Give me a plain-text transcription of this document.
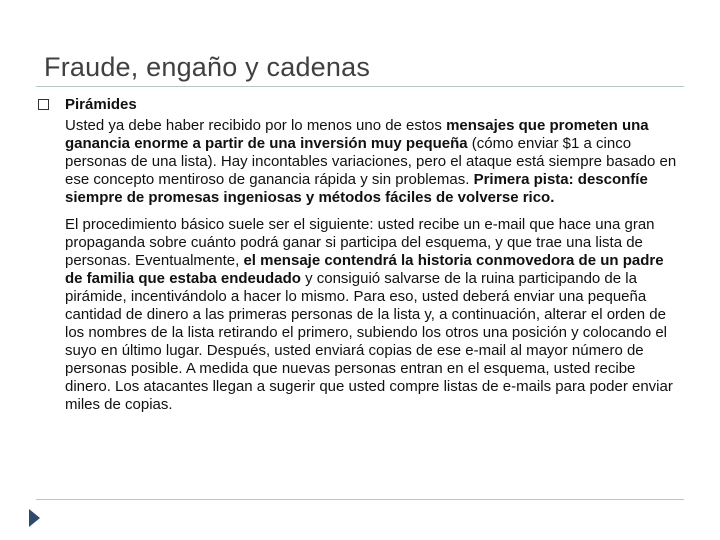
Fraude, engaño y cadenas
Pirámides

Usted ya debe haber recibido por lo menos uno de estos mensajes que prometen una ganancia enorme a partir de una inversión muy pequeña (cómo enviar $1 a cinco personas de una lista). Hay incontables variaciones, pero el ataque está siempre basado en ese concepto mentiroso de ganancia rápida y sin problemas. Primera pista: desconfíe siempre de promesas ingeniosas y métodos fáciles de volverse rico.

El procedimiento básico suele ser el siguiente: usted recibe un e-mail que hace una gran propaganda sobre cuánto podrá ganar si participa del esquema, y que trae una lista de personas. Eventualmente, el mensaje contendrá la historia conmovedora de un padre de familia que estaba endeudado y consiguió salvarse de la ruina participando de la pirámide, incentivándolo a hacer lo mismo. Para eso, usted deberá enviar una pequeña cantidad de dinero a las primeras personas de la lista y, a continuación, alterar el orden de los nombres de la lista retirando el primero, subiendo los otros una posición y colocando el suyo en último lugar. Después, usted enviará copias de ese e-mail al mayor número de personas posible. A medida que nuevas personas entran en el esquema, usted recibe dinero. Los atacantes llegan a sugerir que usted compre listas de e-mails para poder enviar miles de copias.
